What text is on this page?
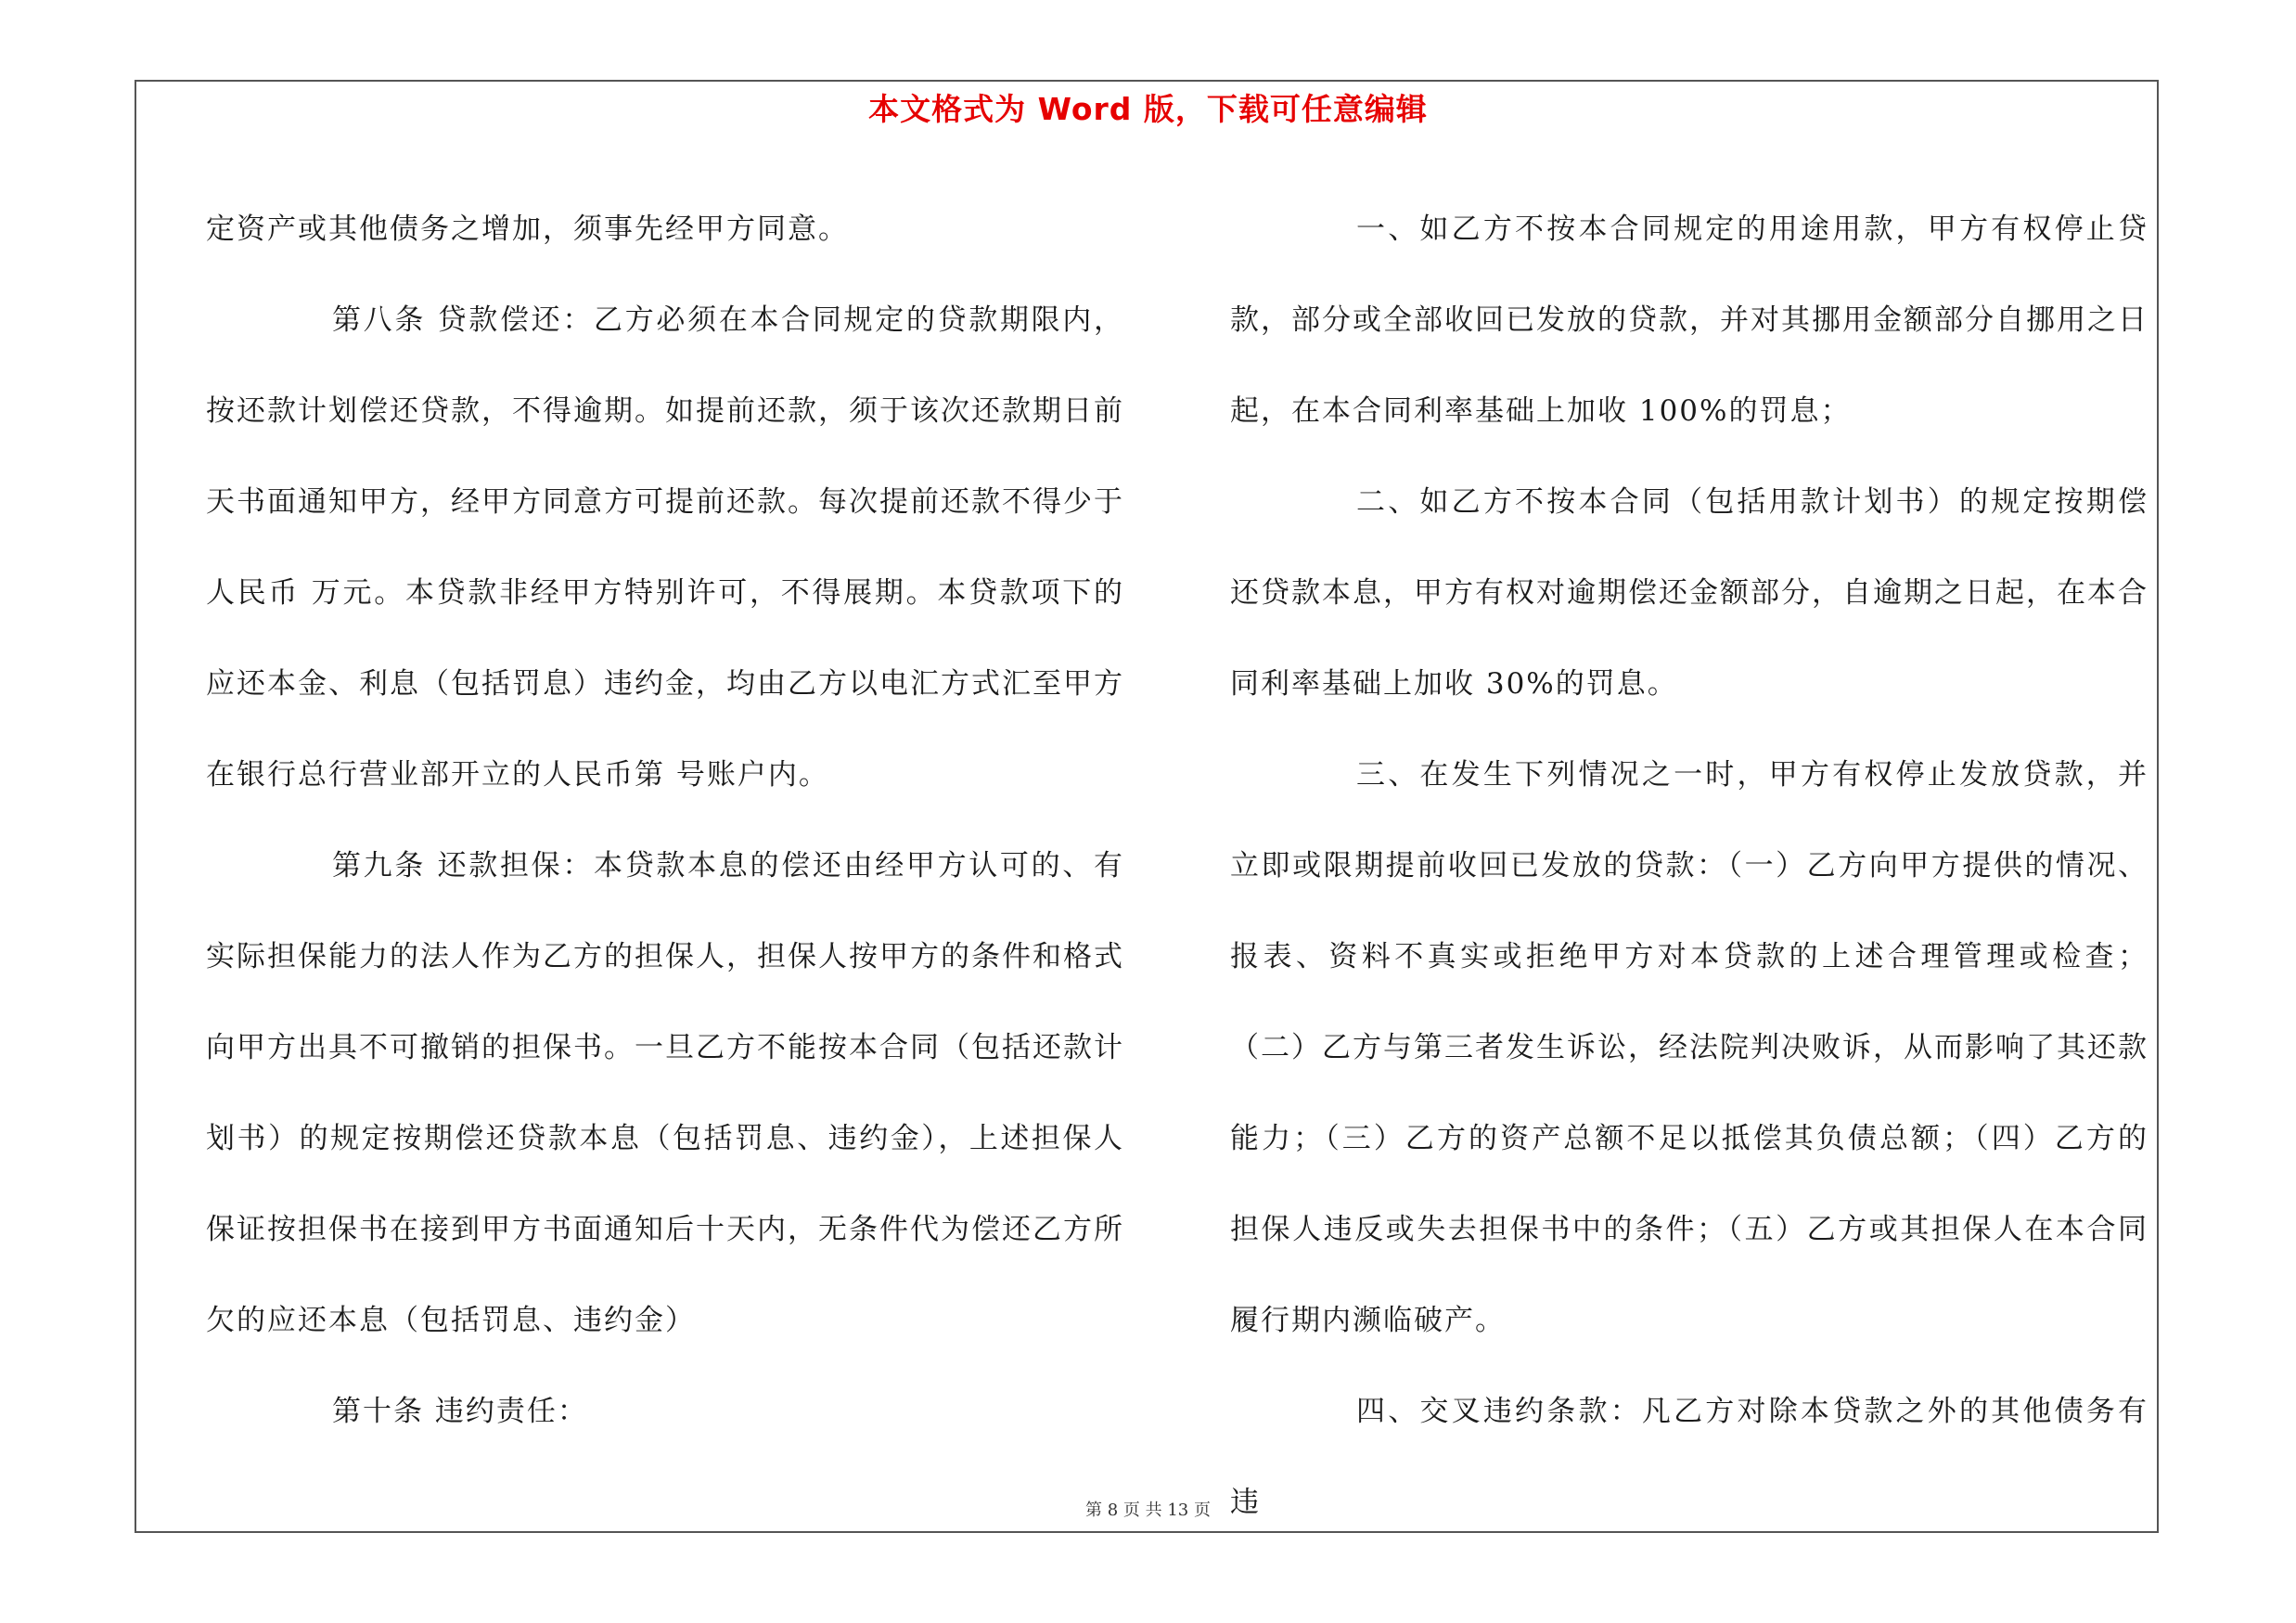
本文格式为 Word 版，下载可任意编辑

定资产或其他债务之增加，须事先经甲方同意。

第八条 贷款偿还：乙方必须在本合同规定的贷款期限内，按还款计划偿还贷款，不得逾期。如提前还款，须于该次还款期日前天书面通知甲方，经甲方同意方可提前还款。每次提前还款不得少于人民币 万元。本贷款非经甲方特别许可，不得展期。本贷款项下的应还本金、利息（包括罚息）违约金，均由乙方以电汇方式汇至甲方在银行总行营业部开立的人民币第 号账户内。

第九条 还款担保：本贷款本息的偿还由经甲方认可的、有实际担保能力的法人作为乙方的担保人，担保人按甲方的条件和格式向甲方出具不可撤销的担保书。一旦乙方不能按本合同（包括还款计划书）的规定按期偿还贷款本息（包括罚息、违约金），上述担保人保证按担保书在接到甲方书面通知后十天内，无条件代为偿还乙方所欠的应还本息（包括罚息、违约金）

第十条 违约责任：

一、如乙方不按本合同规定的用途用款，甲方有权停止贷款，部分或全部收回已发放的贷款，并对其挪用金额部分自挪用之日起，在本合同利率基础上加收 100%的罚息；

二、如乙方不按本合同（包括用款计划书）的规定按期偿还贷款本息，甲方有权对逾期偿还金额部分，自逾期之日起，在本合同利率基础上加收 30%的罚息。

三、在发生下列情况之一时，甲方有权停止发放贷款，并立即或限期提前收回已发放的贷款：（一）乙方向甲方提供的情况、报表、资料不真实或拒绝甲方对本贷款的上述合理管理或检查；（二）乙方与第三者发生诉讼，经法院判决败诉，从而影响了其还款能力；（三）乙方的资产总额不足以抵偿其负债总额；（四）乙方的担保人违反或失去担保书中的条件；（五）乙方或其担保人在本合同履行期内濒临破产。

四、交叉违约条款：凡乙方对除本贷款之外的其他债务有违

第 8 页 共 13 页
